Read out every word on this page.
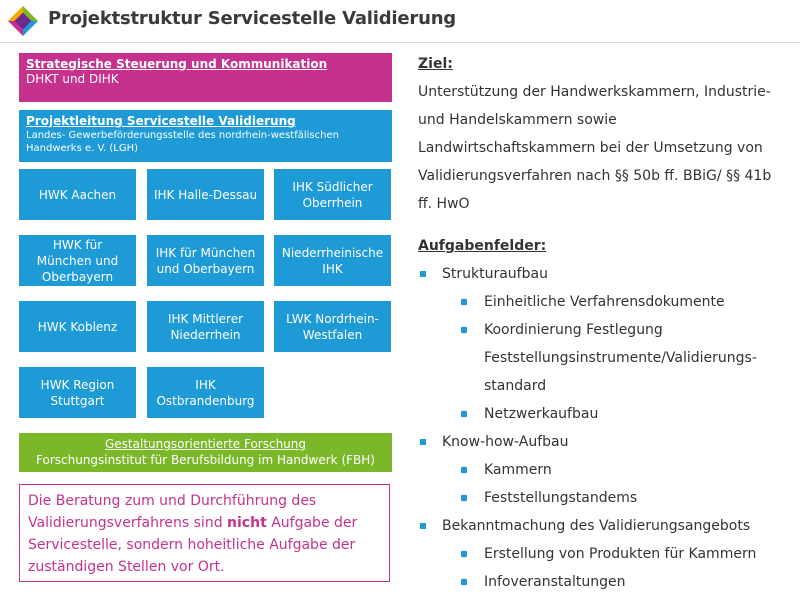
Projektstruktur Servicestelle Validierung
Strategische Steuerung und Kommunikation
DHKT und DIHK
Projektleitung Servicestelle Validierung
Landes- Gewerbeförderungsstelle des nordrhein-westfälischen
Handwerks e. V. (LGH)
HWK Aachen	IHK Halle-Dessau
IHK Südlicher
Oberrhein
HWK für
München und
Oberbayern
IHK für München
und Oberbayern
Niederrheinische
IHK
HWK Koblenz
IHK Mittlerer
Niederrhein
LWK Nordrhein-
Westfalen
HWK Region
Stuttgart
IHK
Ostbrandenburg
Gestaltungsorientierte Forschung
Forschungsinstitut für Berufsbildung im Handwerk (FBH)
Die Beratung zum und Durchführung des Validierungsverfahrens sind nicht Aufgabe der Servicestelle, sondern hoheitliche Aufgabe der zuständigen Stellen vor Ort.
Ziel:
Unterstützung der Handwerkskammern, Industrie-
und Handelskammern sowie
Landwirtschaftskammern bei der Umsetzung von
Validierungsverfahren nach §§ 50b ff. BBiG/ §§ 41b
ff. HwO
Aufgabenfelder:
Strukturaufbau
Einheitliche Verfahrensdokumente
Koordinierung Festlegung Feststellungsinstrumente/Validierungs-standard
Netzwerkaufbau
Know-how-Aufbau
Kammern
Feststellungstandems
Bekanntmachung des Validierungsangebots
Erstellung von Produkten für Kammern
Infoveranstaltungen
